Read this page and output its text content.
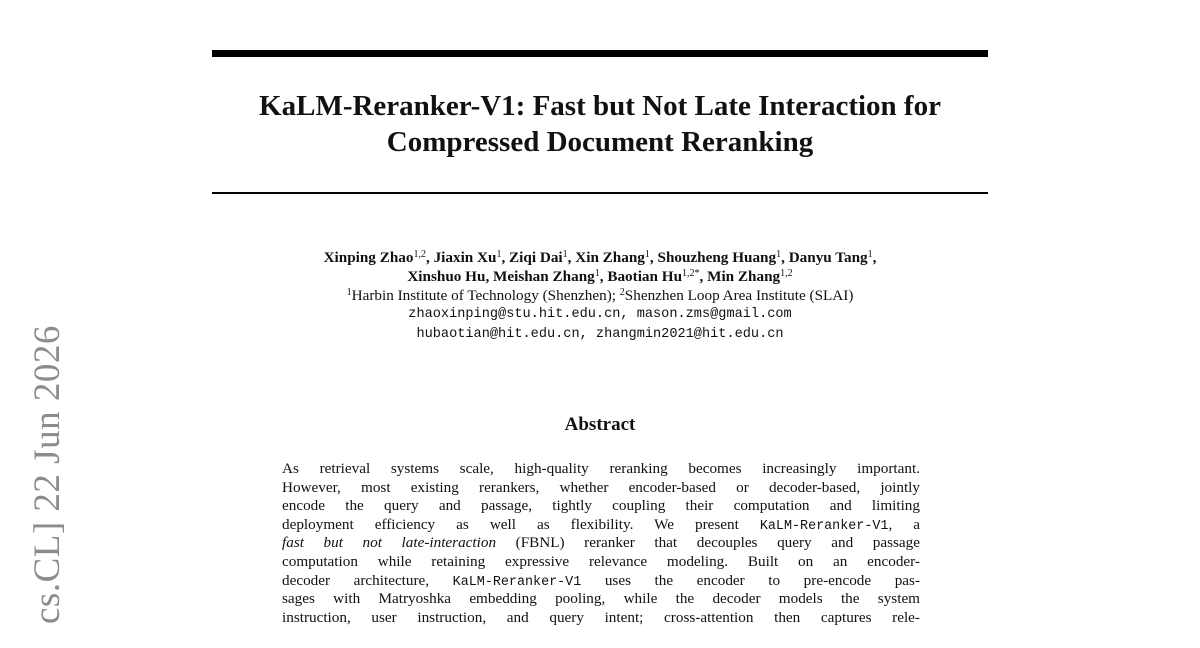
cs.CL] 22 Jun 2026
KaLM-Reranker-V1: Fast but Not Late Interaction for
Compressed Document Reranking
Xinping Zhao$^{1,2}$, Jiaxin Xu$^1$, Ziqi Dai$^1$, Xin Zhang$^1$, Shouzheng Huang$^1$, Danyu Tang$^1$,
Xinshuo Hu, Meishan Zhang$^1$, Baotian $Hu^{1,2*}$, Min Zhang$^{1,2}$
$^1$Harbin Institute of Technology (Shenzhen); $^2$Shenzhen Loop Area Institute (SLAI)
zhaoxinping@stu.hit.edu.cn, mason.zms@gmail.com
hubaotian@hit.edu.cn, zhangmin2021@hit.edu.cn
Abstract
As retrieval systems scale, high-quality reranking becomes increasingly important.
However, most existing rerankers, whether encoder-based or decoder-based, jointly
encode the query and passage, tightly coupling their computation and limiting
deployment efficiency as well as flexibility. We present KaLM-Reranker-V1, a
fast but not late-interaction (FBNL) reranker that decouples query and passage
computation while retaining expressive relevance modeling. Built on an encoder-
decoder architecture, KaLM-Reranker-V1 uses the encoder to pre-encode pas-
sages with Matryoshka embedding pooling, while the decoder models the system
instruction, user instruction, and query intent; cross-attention then captures rele-
